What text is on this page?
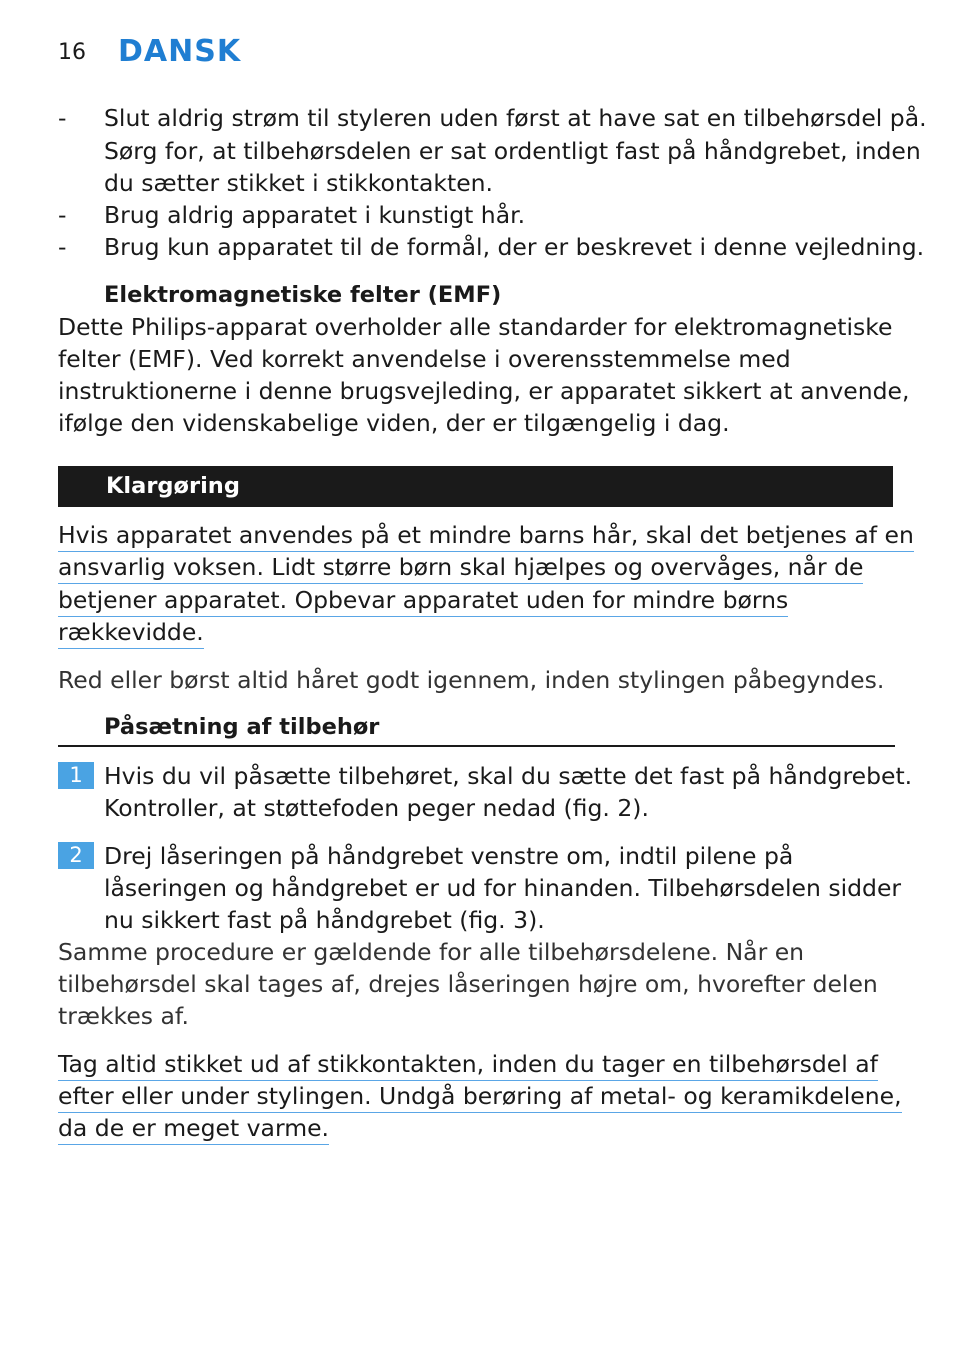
16 DANSK
- Slut aldrig strøm til styleren uden først at have sat en tilbehørsdel på.
Sørg for, at tilbehørsdelen er sat ordentligt fast på håndgrebet, inden
du sætter stikket i stikkontakten.
- Brug aldrig apparatet i kunstigt hår.
- Brug kun apparatet til de formål, der er beskrevet i denne vejledning.
Elektromagnetiske felter (EMF)
Dette Philips-apparat overholder alle standarder for elektromagnetiske
felter (EMF). Ved korrekt anvendelse i overensstemmelse med
instruktionerne i denne brugsvejleding, er apparatet sikkert at anvende,
ifølge den videnskabelige viden, der er tilgængelig i dag.
Klargøring
Hvis apparatet anvendes på et mindre barns hår, skal det betjenes af en
ansvarlig voksen. Lidt større børn skal hjælpes og overvåges, når de
betjener apparatet. Opbevar apparatet uden for mindre børns
rækkevidde.
Red eller børst altid håret godt igennem, inden stylingen påbegyndes.
Påsætning af tilbehør
1 Hvis du vil påsætte tilbehøret, skal du sætte det fast på håndgrebet.
Kontroller, at støttefoden peger nedad (fig. 2).
2 Drej låseringen på håndgrebet venstre om, indtil pilene på
låseringen og håndgrebet er ud for hinanden. Tilbehørsdelen sidder
nu sikkert fast på håndgrebet (fig. 3).
Samme procedure er gældende for alle tilbehørsdelene. Når en
tilbehørsdel skal tages af, drejes låseringen højre om, hvorefter delen
trækkes af.
Tag altid stikket ud af stikkontakten, inden du tager en tilbehørsdel af
efter eller under stylingen. Undgå berøring af metal- og keramikdelene,
da de er meget varme.
